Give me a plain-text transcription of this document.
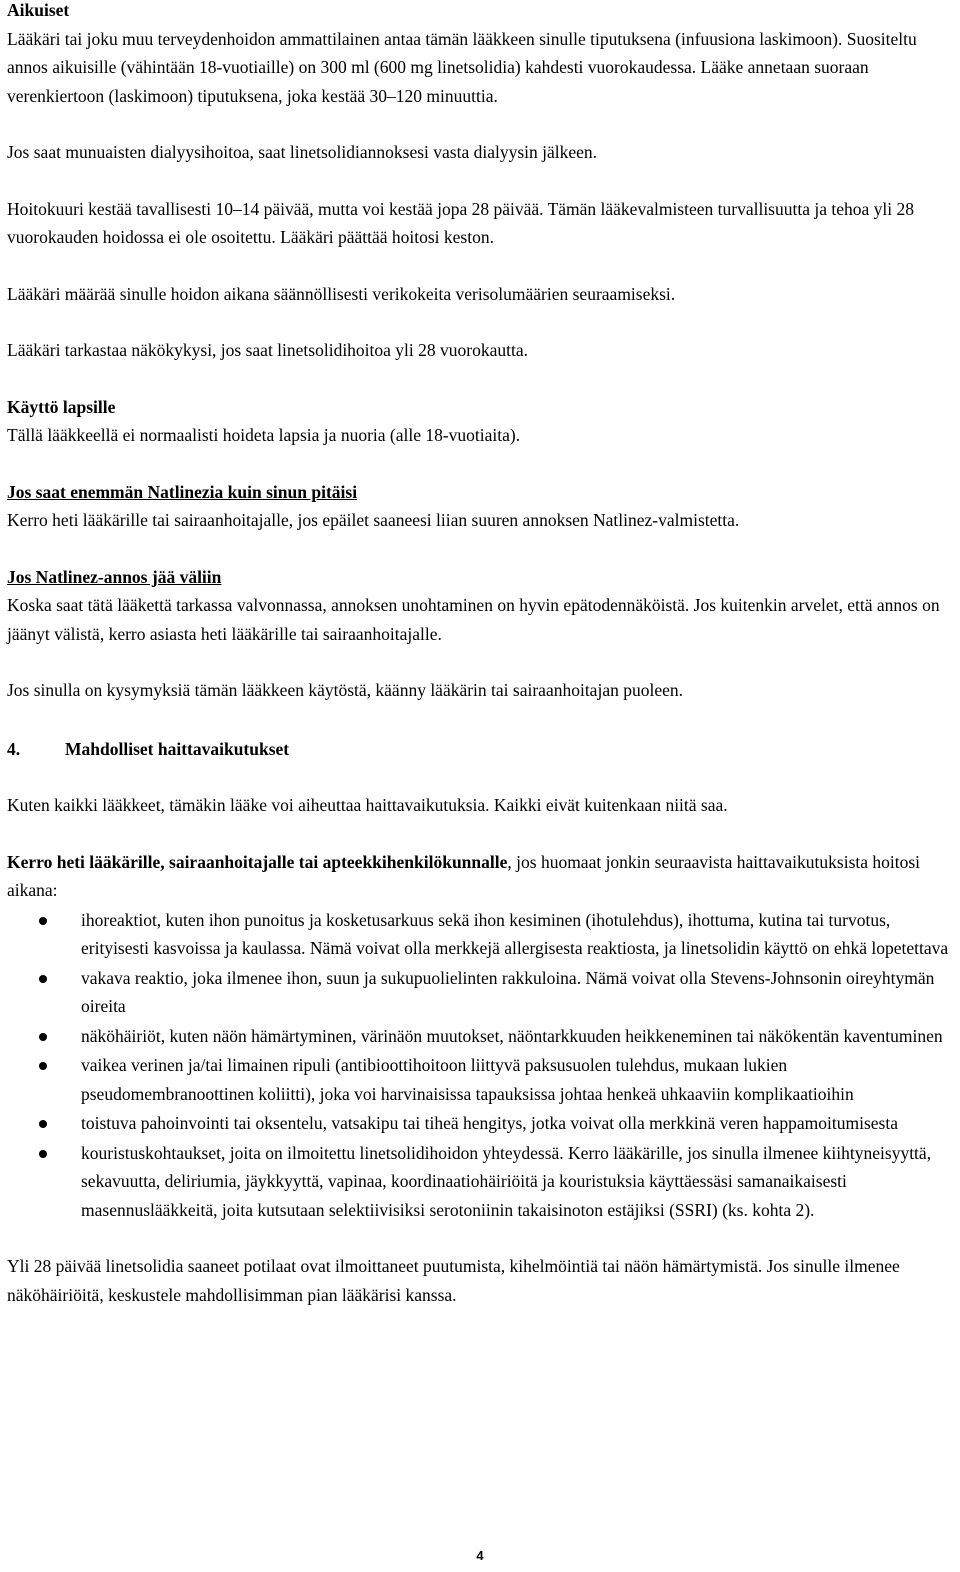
Aikuiset

Lääkäri tai joku muu terveydenhoidon ammattilainen antaa tämän lääkkeen sinulle tiputuksena (infuusiona laskimoon). Suositeltu annos aikuisille (vähintään 18-vuotiaille) on 300 ml (600 mg linetsolidia) kahdesti vuorokaudessa. Lääke annetaan suoraan verenkiertoon (laskimoon) tiputuksena, joka kestää 30–120 minuuttia.

Jos saat munuaisten dialyysihoitoa, saat linetsolidiannoksesi vasta dialyysin jälkeen.

Hoitokuuri kestää tavallisesti 10–14 päivää, mutta voi kestää jopa 28 päivää. Tämän lääkevalmisteen turvallisuutta ja tehoa yli 28 vuorokauden hoidossa ei ole osoitettu. Lääkäri päättää hoitosi keston.

Lääkäri määrää sinulle hoidon aikana säännöllisesti verikokeita verisolumäärien seuraamiseksi.

Lääkäri tarkastaa näkökykysi, jos saat linetsolidihoitoa yli 28 vuorokautta.

Käyttö lapsille

Tällä lääkkeellä ei normaalisti hoideta lapsia ja nuoria (alle 18-vuotiaita).

Jos saat enemmän Natlinezia kuin sinun pitäisi

Kerro heti lääkärille tai sairaanhoitajalle, jos epäilet saaneesi liian suuren annoksen Natlinez-valmistetta.

Jos Natlinez-annos jää väliin

Koska saat tätä lääkettä tarkassa valvonnassa, annoksen unohtaminen on hyvin epätodennäköistä. Jos kuitenkin arvelet, että annos on jäänyt välistä, kerro asiasta heti lääkärille tai sairaanhoitajalle.

Jos sinulla on kysymyksiä tämän lääkkeen käytöstä, käänny lääkärin tai sairaanhoitajan puoleen.

4.	Mahdolliset haittavaikutukset

Kuten kaikki lääkkeet, tämäkin lääke voi aiheuttaa haittavaikutuksia. Kaikki eivät kuitenkaan niitä saa.

Kerro heti lääkärille, sairaanhoitajalle tai apteekkihenkilökunnalle, jos huomaat jonkin seuraavista haittavaikutuksista hoitosi aikana:

ihoreaktiot, kuten ihon punoitus ja kosketusarkuus sekä ihon kesiminen (ihotulehdus), ihottuma, kutina tai turvotus, erityisesti kasvoissa ja kaulassa. Nämä voivat olla merkkejä allergisesta reaktiosta, ja linetsolidin käyttö on ehkä lopetettava
vakava reaktio, joka ilmenee ihon, suun ja sukupuolielinten rakkuloina. Nämä voivat olla Stevens-Johnsonin oireyhtymän oireita
näköhäiriöt, kuten näön hämärtyminen, värinäön muutokset, näöntarkkuuden heikkeneminen tai näkökentän kaventuminen
vaikea verinen ja/tai limainen ripuli (antibioottihoitoon liittyvä paksusuolen tulehdus, mukaan lukien pseudomembranoottinen koliitti), joka voi harvinaisissa tapauksissa johtaa henkeä uhkaaviin komplikaatioihin
toistuva pahoinvointi tai oksentelu, vatsakipu tai tiheä hengitys, jotka voivat olla merkkinä veren happamoitumisesta
kouristuskohtaukset, joita on ilmoitettu linetsolidihoidon yhteydessä. Kerro lääkärille, jos sinulla ilmenee kiihtyneisyyttä, sekavuutta, deliriumia, jäykkyyttä, vapinaa, koordinaatiohäiriöitä ja kouristuksia käyttäessäsi samanaikaisesti masennuslääkkeitä, joita kutsutaan selektiivisiksi serotoniinin takaisinoton estäjiksi (SSRI) (ks. kohta 2).

Yli 28 päivää linetsolidia saaneet potilaat ovat ilmoittaneet puutumista, kihelmöintiä tai näön hämärtymistä. Jos sinulle ilmenee näköhäiriöitä, keskustele mahdollisimman pian lääkärisi kanssa.

4
